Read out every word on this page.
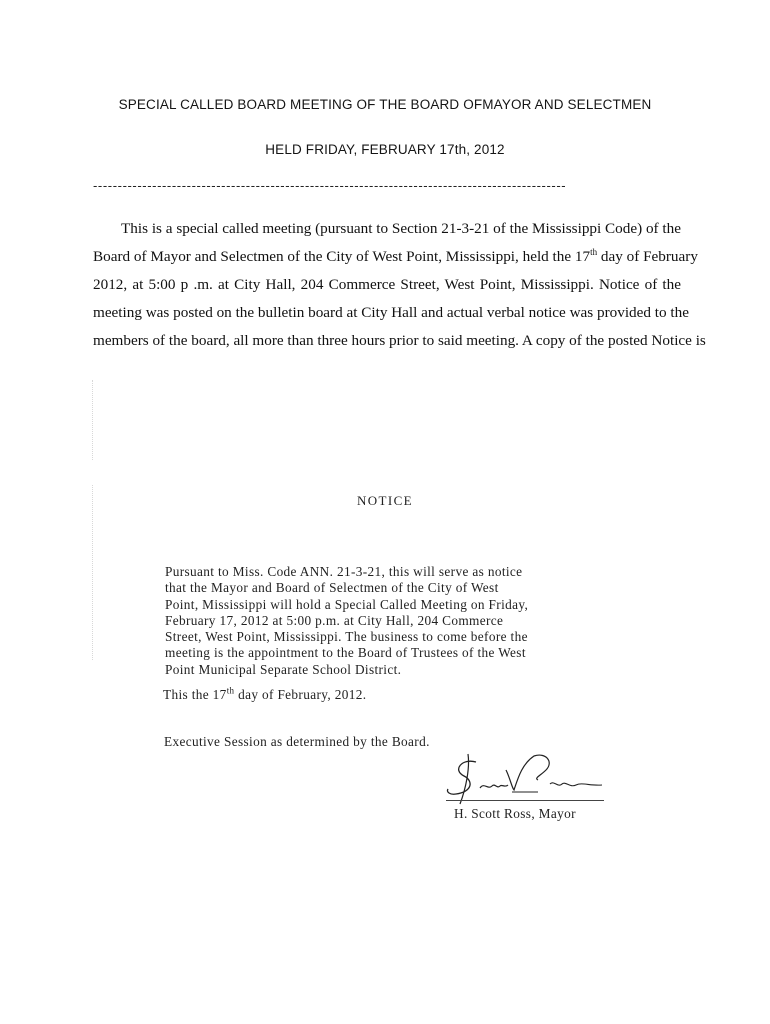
SPECIAL CALLED BOARD MEETING OF THE BOARD OFMAYOR AND SELECTMEN
HELD FRIDAY, FEBRUARY 17th, 2012
------------------------------------------------------------------------------------------------
This is a special called meeting (pursuant to Section 21-3-21 of the Mississippi Code) of the
Board of Mayor and Selectmen of the City of West Point, Mississippi, held the 17th day of February
2012, at 5:00 p .m. at City Hall, 204 Commerce Street, West Point, Mississippi. Notice of the
meeting was posted on the bulletin board at City Hall and actual verbal notice was provided to the
members of the board, all more than three hours prior to said meeting. A copy of the posted Notice is
NOTICE
Pursuant to Miss. Code ANN. 21-3-21, this will serve as notice
that the Mayor and Board of Selectmen of the City of West
Point, Mississippi will hold a Special Called Meeting on Friday,
February 17, 2012 at 5:00 p.m. at City Hall, 204 Commerce
Street, West Point, Mississippi. The business to come before the
meeting is the appointment to the Board of Trustees of the West
Point Municipal Separate School District.
This the 17th day of February, 2012.
Executive Session as determined by the Board.
H. Scott Ross, Mayor
